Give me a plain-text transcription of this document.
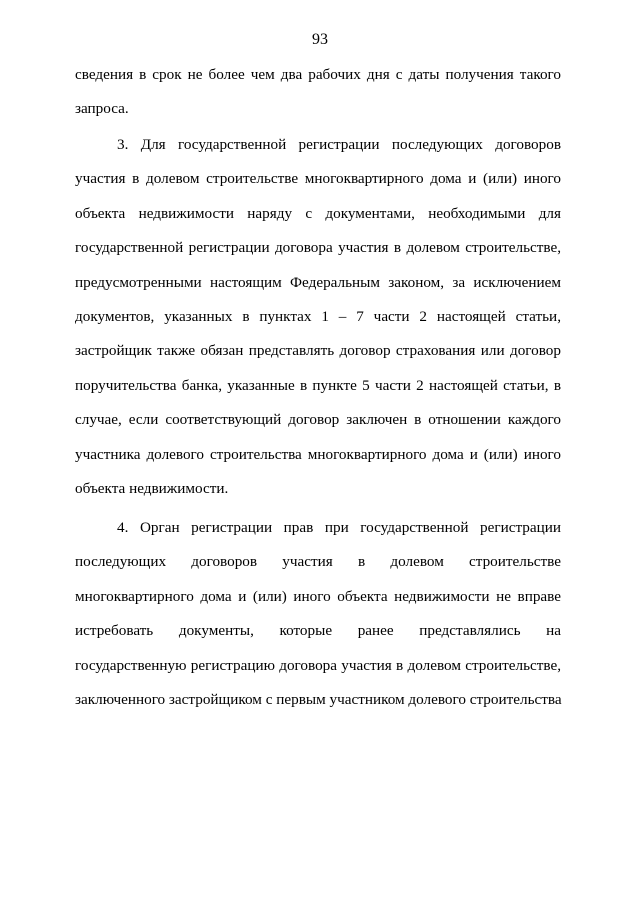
93
сведения в срок не более чем два рабочих дня с даты получения такого
запроса.
3. Для государственной регистрации последующих договоров
участия в долевом строительстве многоквартирного дома и (или) иного
объекта недвижимости наряду с документами, необходимыми для
государственной регистрации договора участия в долевом строительстве,
предусмотренными настоящим Федеральным законом, за исключением
документов, указанных в пунктах 1 – 7 части 2 настоящей статьи,
застройщик также обязан представлять договор страхования или договор
поручительства банка, указанные в пункте 5 части 2 настоящей статьи, в
случае, если соответствующий договор заключен в отношении каждого
участника долевого строительства многоквартирного дома и (или) иного
объекта недвижимости.
4. Орган регистрации прав при государственной регистрации
последующих договоров участия в долевом строительстве
многоквартирного дома и (или) иного объекта недвижимости не вправе
истребовать документы, которые ранее представлялись на
государственную регистрацию договора участия в долевом строительстве,
заключенного застройщиком с первым участником долевого строительства
